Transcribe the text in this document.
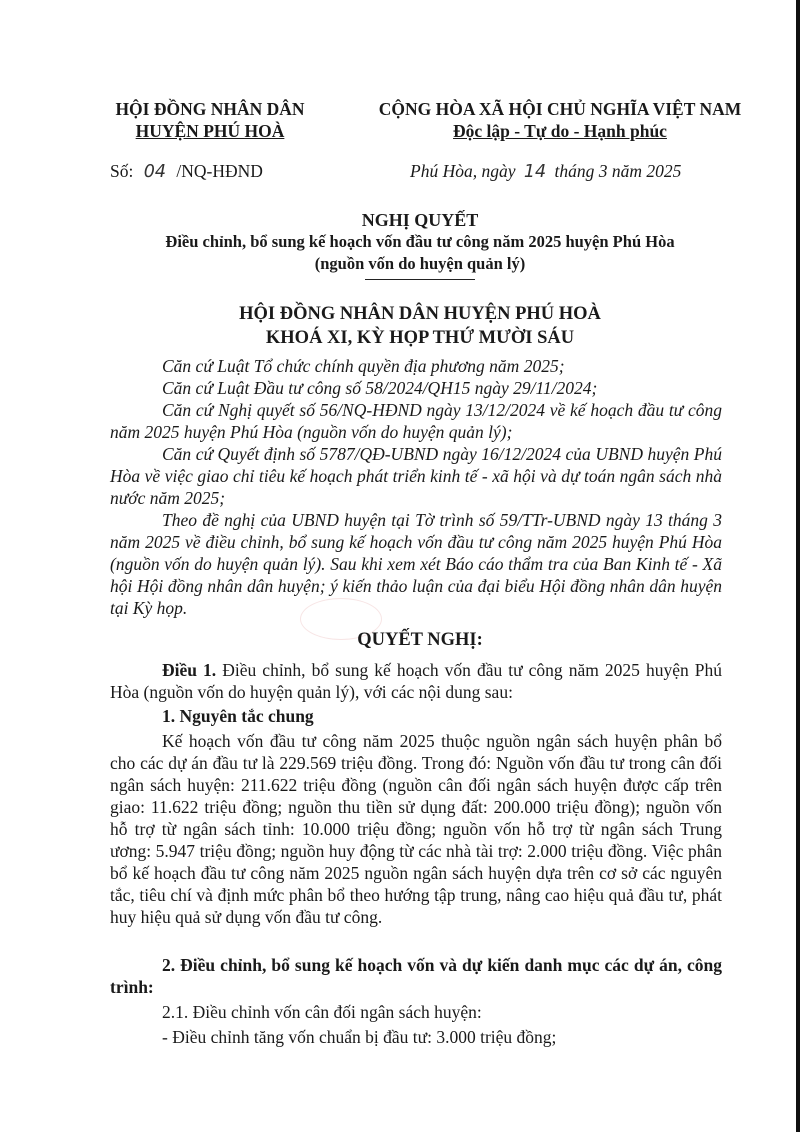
HỘI ĐỒNG NHÂN DÂN
HUYỆN PHÚ HOÀ
CỘNG HÒA XÃ HỘI CHỦ NGHĨA VIỆT NAM
Độc lập - Tự do - Hạnh phúc
Số: 04 /NQ-HĐND	Phú Hòa, ngày 14 tháng 3 năm 2025
NGHỊ QUYẾT
Điều chỉnh, bổ sung kế hoạch vốn đầu tư công năm 2025 huyện Phú Hòa
(nguồn vốn do huyện quản lý)
HỘI ĐỒNG NHÂN DÂN HUYỆN PHÚ HOÀ
KHOÁ XI, KỲ HỌP THỨ MƯỜI SÁU
Căn cứ Luật Tổ chức chính quyền địa phương năm 2025;
Căn cứ Luật Đầu tư công số 58/2024/QH15 ngày 29/11/2024;
Căn cứ Nghị quyết số 56/NQ-HĐND ngày 13/12/2024 về kế hoạch đầu tư công năm 2025 huyện Phú Hòa (nguồn vốn do huyện quản lý);
Căn cứ Quyết định số 5787/QĐ-UBND ngày 16/12/2024 của UBND huyện Phú Hòa về việc giao chỉ tiêu kế hoạch phát triển kinh tế - xã hội và dự toán ngân sách nhà nước năm 2025;
Theo đề nghị của UBND huyện tại Tờ trình số 59/TTr-UBND ngày 13 tháng 3 năm 2025 về điều chỉnh, bổ sung kế hoạch vốn đầu tư công năm 2025 huyện Phú Hòa (nguồn vốn do huyện quản lý). Sau khi xem xét Báo cáo thẩm tra của Ban Kinh tế - Xã hội Hội đồng nhân dân huyện; ý kiến thảo luận của đại biểu Hội đồng nhân dân huyện tại Kỳ họp.
QUYẾT NGHỊ:
Điều 1. Điều chỉnh, bổ sung kế hoạch vốn đầu tư công năm 2025 huyện Phú Hòa (nguồn vốn do huyện quản lý), với các nội dung sau:
1. Nguyên tắc chung
Kế hoạch vốn đầu tư công năm 2025 thuộc nguồn ngân sách huyện phân bổ cho các dự án đầu tư là 229.569 triệu đồng. Trong đó: Nguồn vốn đầu tư trong cân đối ngân sách huyện: 211.622 triệu đồng (nguồn cân đối ngân sách huyện được cấp trên giao: 11.622 triệu đồng; nguồn thu tiền sử dụng đất: 200.000 triệu đồng); nguồn vốn hỗ trợ từ ngân sách tỉnh: 10.000 triệu đồng; nguồn vốn hỗ trợ từ ngân sách Trung ương: 5.947 triệu đồng; nguồn huy động từ các nhà tài trợ: 2.000 triệu đồng. Việc phân bổ kế hoạch đầu tư công năm 2025 nguồn ngân sách huyện dựa trên cơ sở các nguyên tắc, tiêu chí và định mức phân bổ theo hướng tập trung, nâng cao hiệu quả đầu tư, phát huy hiệu quả sử dụng vốn đầu tư công.
2. Điều chỉnh, bổ sung kế hoạch vốn và dự kiến danh mục các dự án, công trình:
2.1. Điều chỉnh vốn cân đối ngân sách huyện:
- Điều chỉnh tăng vốn chuẩn bị đầu tư: 3.000 triệu đồng;
